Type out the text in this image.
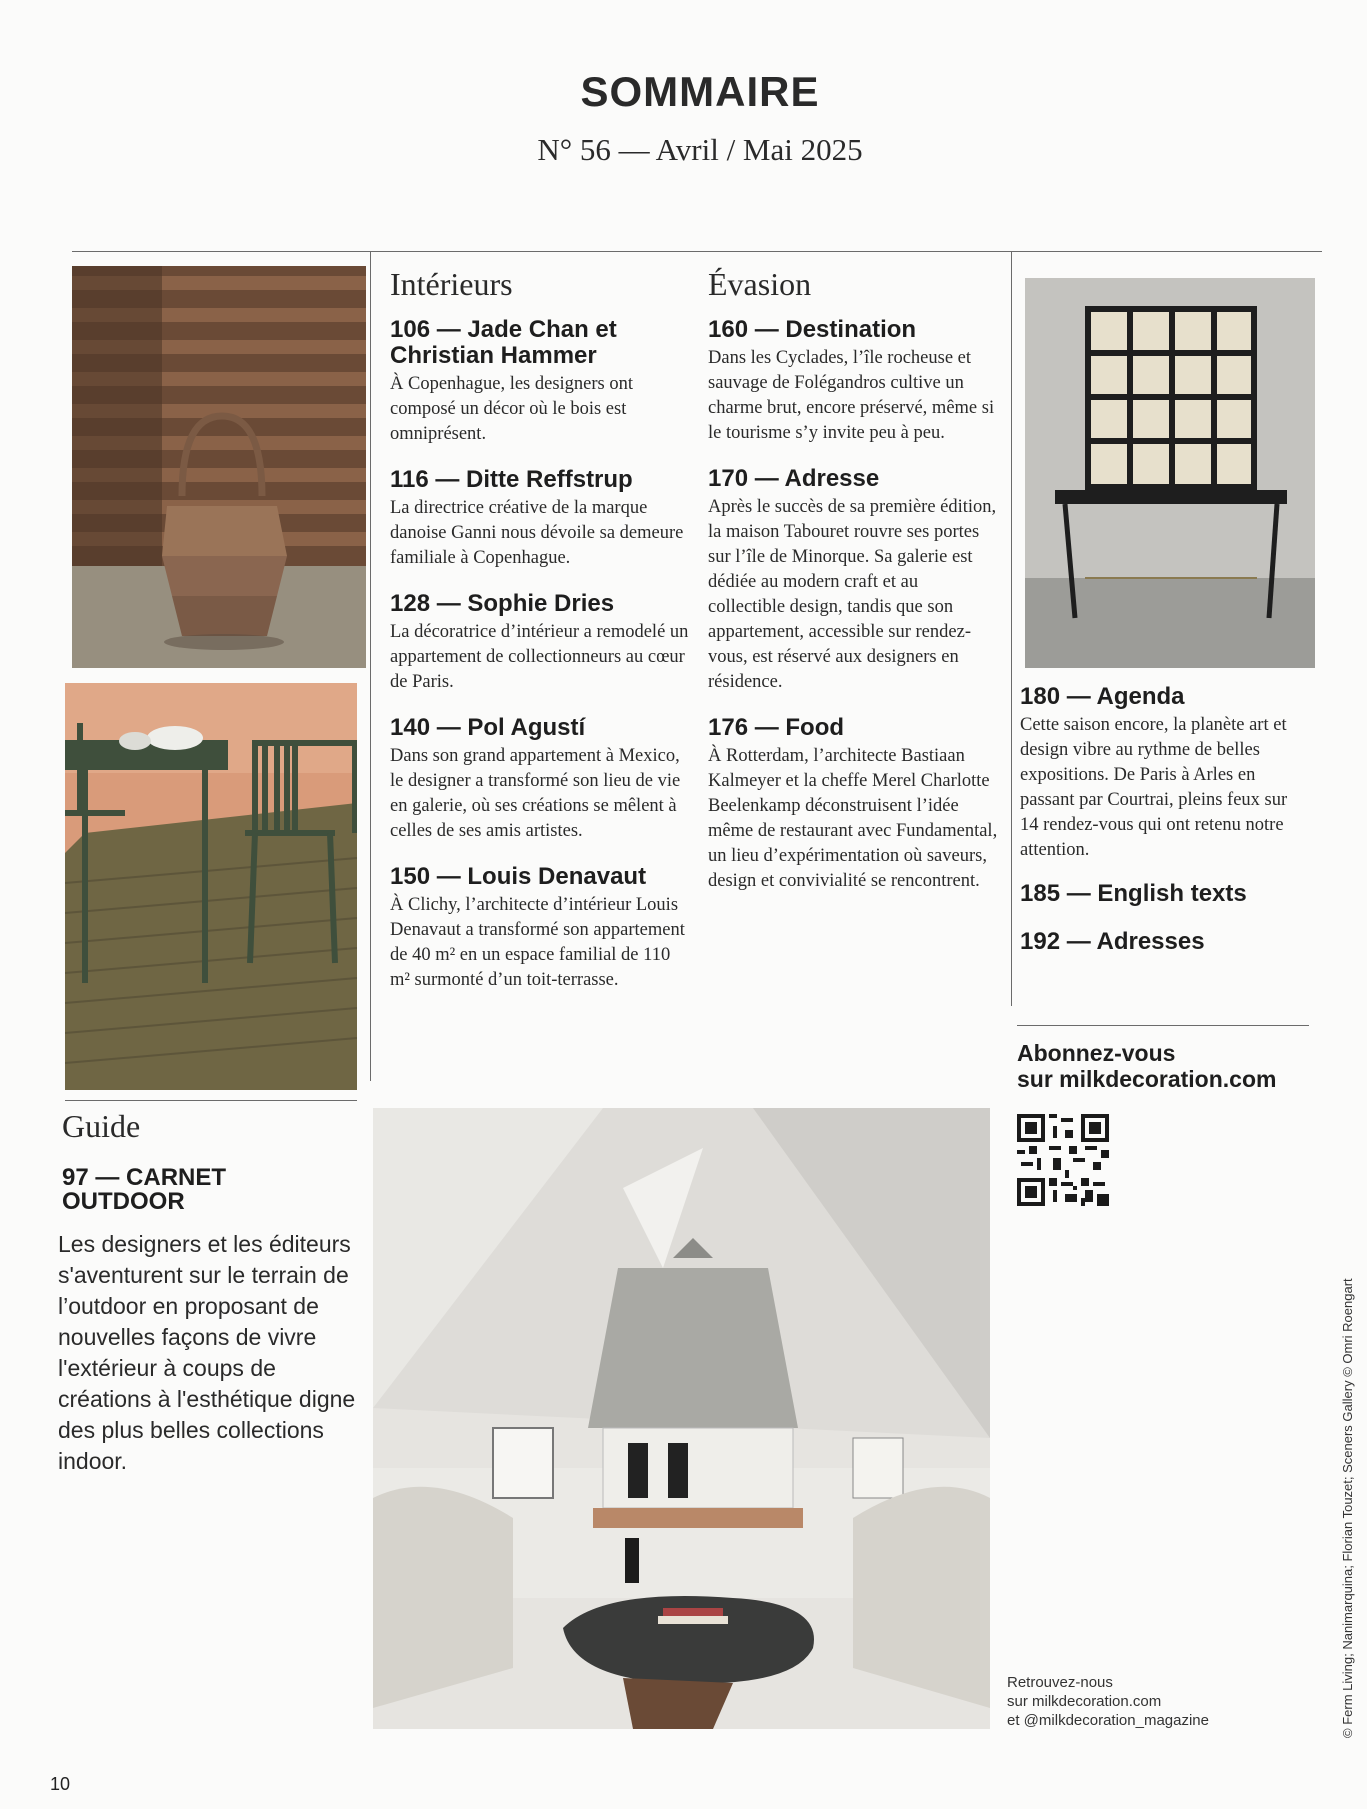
SOMMAIRE
N° 56 — Avril / Mai 2025
Intérieurs
106 — Jade Chan et Christian Hammer
À Copenhague, les designers ont composé un décor où le bois est omniprésent.
116 — Ditte Reffstrup
La directrice créative de la marque danoise Ganni nous dévoile sa demeure familiale à Copenhague.
128 — Sophie Dries
La décoratrice d’intérieur a remodelé un appartement de collectionneurs au cœur de Paris.
140 — Pol Agustí
Dans son grand appartement à Mexico, le designer a transformé son lieu de vie en galerie, où ses créations se mêlent à celles de ses amis artistes.
150 — Louis Denavaut
À Clichy, l’architecte d’intérieur Louis Denavaut a transformé son appartement de 40 m² en un espace familial de 110 m² surmonté d’un toit-terrasse.
Évasion
160 — Destination
Dans les Cyclades, l’île rocheuse et sauvage de Folégandros cultive un charme brut, encore préservé, même si le tourisme s’y invite peu à peu.
170 — Adresse
Après le succès de sa première édition, la maison Tabouret rouvre ses portes sur l’île de Minorque. Sa galerie est dédiée au modern craft et au collectible design, tandis que son appartement, accessible sur rendez-vous, est réservé aux designers en résidence.
176 — Food
À Rotterdam, l’architecte Bastiaan Kalmeyer et la cheffe Merel Charlotte Beelenkamp déconstruisent l’idée même de restaurant avec Fundamental, un lieu d’expérimentation où saveurs, design et convivialité se rencontrent.
180 — Agenda
Cette saison encore, la planète art et design vibre au rythme de belles expositions. De Paris à Arles en passant par Courtrai, pleins feux sur 14 rendez-vous qui ont retenu notre attention.
185 — English texts
192 — Adresses
Abonnez-vous
sur milkdecoration.com
Guide
97 — CARNET
OUTDOOR
Les designers et les éditeurs s'aventurent sur le terrain de l’outdoor en proposant de nouvelles façons de vivre l'extérieur à coups de créations à l'esthétique digne des plus belles collections indoor.
Retrouvez-nous
sur milkdecoration.com
et @milkdecoration_magazine	© Ferm Living; Nanimarquina; Florian Touzet; Sceners Gallery © Omri Roengart
10
